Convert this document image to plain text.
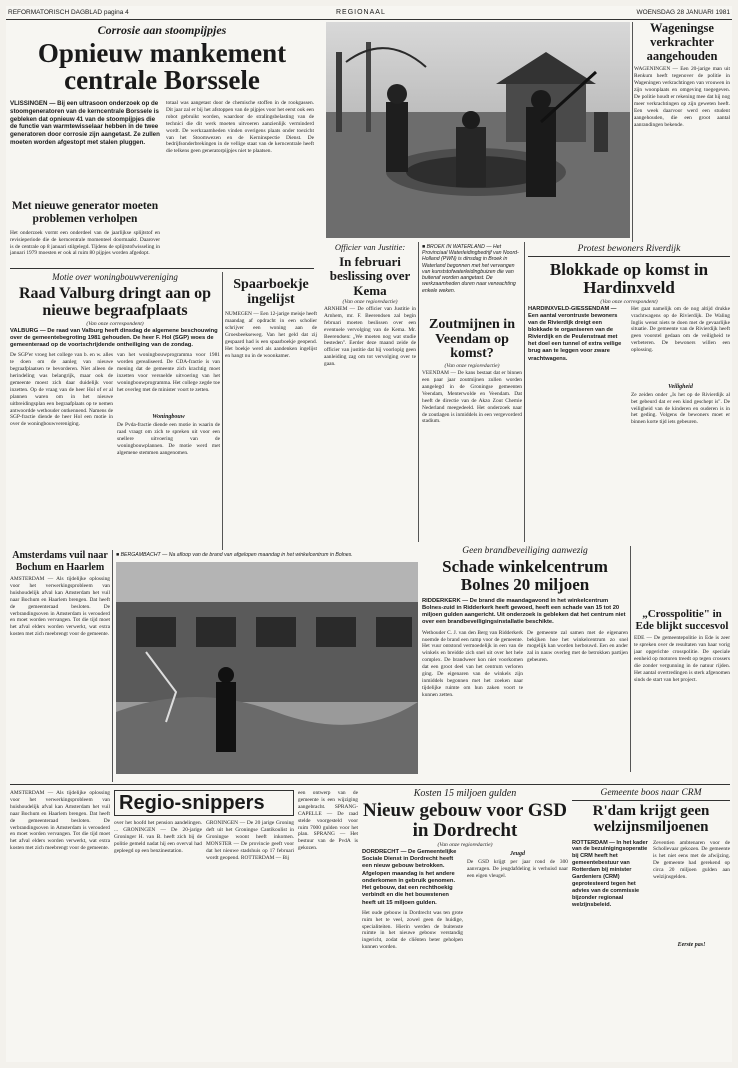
REFORMATORISCH DAGBLAD pagina 4	REGIONAAL	WOENSDAG 28 JANUARI 1981
Corrosie aan stoompijpjes
Opnieuw mankement centrale Borssele
VLISSINGEN — Bij een ultrasoon onderzoek op de stoomgeneratoren van de kerncentrale Borssele is gebleken dat opnieuw 41 van de stoompijpjes die de functie van warmtewisselaar hebben in de twee generatoren door corrosie zijn aangetast. Ze zullen moeten worden afgestopt met stalen pluggen.
totaal was aangetast door de chemische stoffen in de rookgassen. Dit jaar zal er bij het afstoppen van de pijpjes voor het eerst ook een robot gebruikt worden, waardoor de stralingsbelasting van de technici die dit werk moeten uitvoeren aanzienlijk verminderd wordt. De werkzaamheden vinden overigens plaats onder toezicht van het Stoomwezen en de Kerninspectie Dienst. De bedrijfsonderbrekingen in de vellige staat van de kerncentrale heeft die telkens geen generatorpijpjes niet te plaatsen.
Met nieuwe generator moeten problemen verholpen
Het onderzoek vormt een onderdeel van de jaarlijkse splijtstof en revisieperiode die de kerncentrale momenteel doormaakt. Daarover is de centrale op 8 januari stilgelegd. Tijdens de splijtstofwisseling in januari 1979 moesten er ook al ruim 80 pijpjes worden afgedopt.
Motie over woningbouwvereniging
Raad Valburg dringt aan op nieuwe begraafplaats
(Van onze correspondent)
VALBURG — De raad van Valburg heeft dinsdag de algemene beschouwing over de gemeentebegroting 1981 gehouden. De heer F. Hol (SGP) woes de gemeenteraad op de voortschrijdende ontheiliging van de zondag.
De SGP'er vroeg het college van b. en w. alles te doen om de aanleg van nieuwe begraafplaatsen te bevorderen. Niet alleen de herindeling was belangrijk, maar ook de gemeente moest zich daar duidelijk voor inzetten. Op de vraag van de heer Hol of er al plannen waren om in het nieuwe uitbreidingsplan een begraafplaats op te nemen antwoordde wethouder ontkennend. Namens de SGP-fractie diende de heer Hol een motie in over de woningbouwvereniging.
van het woningbouwprogramma voor 1981 worden gerealiseerd. De CDA-fractie is van mening dat de gemeente zich krachtig moet inzetten voor versnelde uitvoering van het woningbouwprogramma. Het college zegde toe het overleg met de minister voort te zetten.
Woningbouw
De Pvda-fractie diende een motie in waarin de raad vraagt om zich te spreken uit voor een snellere uitvoering van de woningbouwplannen. De motie werd met algemene stemmen aangenomen.
Spaarboekje ingelijst
NUMEGEN — Een 12-jarige meisje heeft maandag af opdracht in een scholier schrijver een woning aan de Groesbeekseweg. Van het geld dat zij gespaard had is een spaarboekje geopend. Het boekje werd als aandenken ingelijst en hangt nu in de woonkamer.
Amsterdams vuil naar Bochum en Haarlem
AMSTERDAM — Als tijdelijke oplossing voor het verwerkingsprobleem van huishoudelijk afval kan Amsterdam het vuil naar Bochum en Haarlem brengen. Dat heeft de gemeenteraad besloten. De verbrandingsoven in Amsterdam is verouderd en moet worden vervangen. Tot die tijd moet het afval elders worden verwerkt, wat extra kosten met zich meebrengt voor de gemeente.
Officier van Justitie:
In februari beslissing over Kema
(Van onze regioredactie)
ARNHEM — De officier van Justitie in Arnhem, mr. F. Beerendsen zal begin februari moeten beslissen over een eventuele vervolging van de Kema. Mr. Beerendsen: „We moeten nog wat studie besteden". Eerder deze maand zeide de officier van justitie dat hij voorlopig geen aanleiding zag om tot vervolging over te gaan.
■ BROEK IN WATERLAND — Het Provinciaal Waterleidingbedrijf van Noord-Holland (PWN) is dinsdag in Broek in Waterland begonnen met het vervangen van kunststofwaterleidingbuizen die van buitenaf worden aangetast. De werkzaamheden duren naar verwachting enkele weken.
Zoutmijnen in Veendam op komst?
(Van onze regioredactie)
VEENDAM — De kans bestaat dat er binnen een paar jaar zoutmijnen zullen worden aangelegd in de Groningse gemeenten Veendam, Menterwolde en Veendam. Dat heeft de directie van de Akzo Zout Chemie Nederland meegedeeld. Het onderzoek naar de zoutlagen is inmiddels in een vergevorderd stadium.
Wageningse verkrachter aangehouden
WAGENINGEN — Een 20-jarige man uit Renkum heeft tegenover de politie in Wageningen verkrachtingen van vrouwen in zijn woonplaats en omgeving toegegeven. De politie houdt er rekening mee dat hij nog meer verkrachtingen op zijn geweten heeft. Een week daarvoor werd een student aangehouden, die een groot aantal aanrandingen bekende.
Protest bewoners Riverdijk
Blokkade op komst in Hardinxveld
(Van onze correspondent)
HARDINXVELD-GIESSENDAM — Een aantal verontruste bewoners van de Rivierdijk dreigt een blokkade te organiseren van de Rivierdijk en de Peulenstraat met het doel een tunnel of extra veilige brug aan te leggen voor zware vrachtwagens.
Het gaat namelijk om de nog altijd drukke vrachtwagens op de Rivierdijk. De Waling Inglis wenst niets te doen met de gevaarlijke situatie. De gemeente van de Rivierdijk heeft geen voorstel gedaan om de veiligheid te verbeteren. De bewoners willen een oplossing.
Veiligheid
Ze zeiden onder „Is het op de Rivierdijk al bet gebeurd dat er een kind geschept is". De veiligheid van de kinderen en ouderen is in het geding. Volgens de bewoners moet er binnen korte tijd iets gebeuren.
Geen brandbeveiliging aanwezig
Schade winkelcentrum Bolnes 20 miljoen
RIDDERKERK — De brand die maandagavond in het winkelcentrum Bolnes-zuid in Ridderkerk heeft gewoed, heeft een schade van 15 tot 20 miljoen gulden aangericht. Uit onderzoek is gebleken dat het centrum niet over een brandbeveiligingsinstallatie beschikte.
Wethouder C. J. van den Berg van Ridderkerk noemde de brand een ramp voor de gemeente. Het vuur ontstond vermoedelijk in een van de winkels en breidde zich snel uit over het hele complex. De brandweer kon niet voorkomen dat een groot deel van het centrum verloren ging. De eigenaren van de winkels zijn inmiddels begonnen met het zoeken naar tijdelijke ruimte om hun zaken voort te kunnen zetten.
De gemeente zal samen met de eigenaren bekijken hoe het winkelcentrum zo snel mogelijk kan worden herbouwd. Een en ander zal in nauw overleg met de betrokken partijen gebeuren.
„Crosspolitie" in Ede blijkt succesvol
EDE — De gemeentepolitie in Ede is zeer te spreken over de resultaten van haar vorig jaar opgerichte crosspolitie. De speciale eenheid op motoren treedt op tegen crossers die zonder vergunning in de natuur rijden. Het aantal overtredingen is sterk afgenomen sinds de start van het project.
■ BERGAMBACHT — Na afloop van de brand van afgelopen maandag in het winkelcentrum in Bolnes.
AMSTERDAM — Als tijdelijke oplossing voor het verwerkingsprobleem van huishoudelijk afval kan Amsterdam het vuil naar Bochum en Haarlem brengen. Dat heeft de gemeenteraad besloten. De verbrandingsoven in Amsterdam is verouderd en moet worden vervangen. Tot die tijd moet het afval elders worden verwerkt, wat extra kosten met zich meebrengt voor de gemeente.
Regio-snippers
over het hoofd het pension aandelingen. ... GRONINGEN — De 20-jarige Groninger H. van B. heeft zich bij de politie gemeld nadat hij een overval had gepleegd op een benzinestation.
GRONINGEN — De 20 jarige Groning deft uit het Groningse Cantikoulist in Groningse woont heeft inkomen. MONSTER — De provincie geeft voor dat het nieuwe stadshuis op 17 februari wordt geopend. ROTTERDAM — Bij
een ontwerp van de gemeente is een wijziging aangebracht. SPRANG-CAPELLE — De raad stelde voorgesteld voor ruim 7000 gulden voor het plan. SPRANG — Het bestuur van de PvdA is gekozen.
Kosten 15 miljoen gulden
Nieuw gebouw voor GSD in Dordrecht
(Van onze regioredactie)
DORDRECHT — De Gemeentelijke Sociale Dienst in Dordrecht heeft een nieuw gebouw betrokken. Afgelopen maandag is het andere onderkomen in gebruik genomen. Het gebouw, dat een rechthoekig verbindt en die het bouwstenen heeft uit 15 miljoen gulden.
Het oude gebouw in Dordrecht was ten grote ruim het te veel, zowel geen de huidige, specialiteiten. Hierin werden de buitenste ruimte in het nieuwe gebouw verstandig ingericht, zodat de cliënten beter geholpen kunnen worden.
Jeugd
De GSD krijgt per jaar rond de 300 aanvragen. De jeugdafdeling is verhuisd naar een eigen vleugel.
Gemeente boos naar CRM
R'dam krijgt geen welzijnsmiljoenen
ROTTERDAM — In het kader van de bezuinigingsoperatie bij CRM heeft het gemeentebestuur van Rotterdam bij minister Gardeniers (CRM) geprotesteerd tegen het advies van de commissie bijzonder regionaal welzijnsbeleid.
Zeventien ambtenaren voor de Schollevaar gekozen. De gemeente is het niet eens met de afwijzing. De gemeente had gerekend op circa 20 miljoen gulden aan welzijnsgelden.
Eerste pas!
